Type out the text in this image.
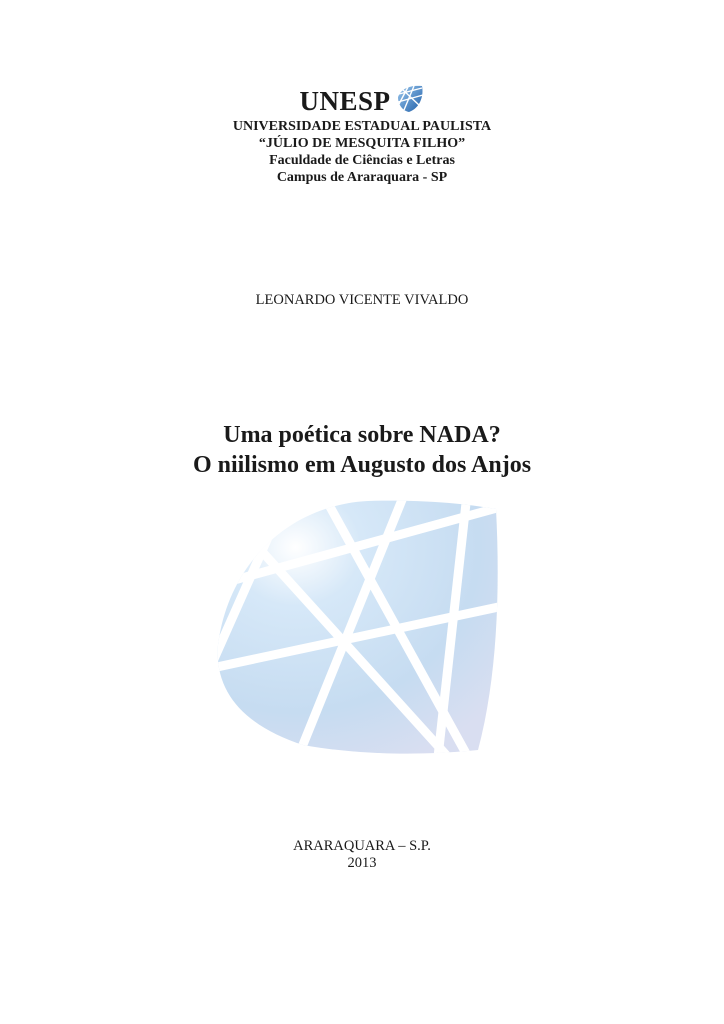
UNESP
UNIVERSIDADE ESTADUAL PAULISTA
“JÚLIO DE MESQUITA FILHO”
Faculdade de Ciências e Letras
Campus de Araraquara - SP
LEONARDO VICENTE VIVALDO
Uma poética sobre NADA?
O niilismo em Augusto dos Anjos
ARARAQUARA – S.P.
2013
